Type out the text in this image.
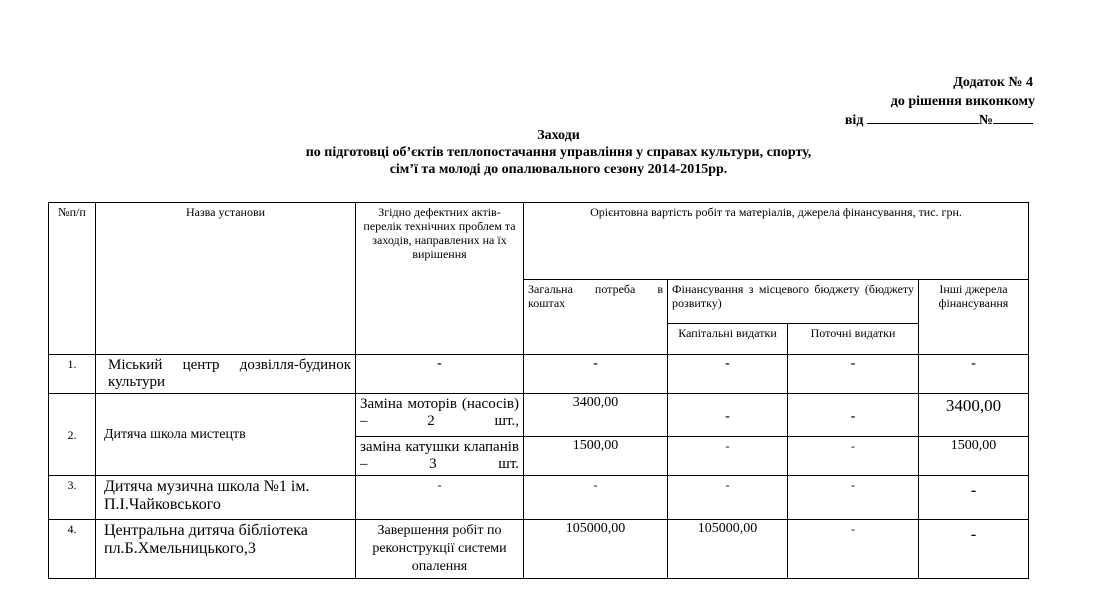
Додаток № 4
до рішення виконкому
від	№
Заходи
по підготовці об’єктів теплопостачання управління у справах культури, спорту,
сім’ї та молоді до опалювального сезону 2014-2015рр.
№п/п	Назва установи	Згідно дефектних актів-перелік технічних проблем та заходів, направлених на їх вирішення	Орієнтовна вартість робіт та матеріалів, джерела фінансування, тис. грн.			
			Загальна потреба в коштах	Фінансування з місцевого бюджету (бюджету розвитку)		Інші джерела фінансування
				Капітальні видатки	Поточні видатки	
1.	Міський центр дозвілля-будинок культури	-	-	-	-	-
2.	Дитяча школа мистецтв	Заміна моторів (насосів) – 2 шт.,	3400,00	-	-	3400,00
		заміна катушки клапанів – 3 шт.	1500,00	-	-	1500,00
3.	Дитяча музична школа №1 ім. П.І.Чайковського	-	-	-	-	-
4.	Центральна дитяча бібліотека пл.Б.Хмельницького,3	Завершення робіт по реконструкції системи опалення	105000,00	105000,00	-	-
